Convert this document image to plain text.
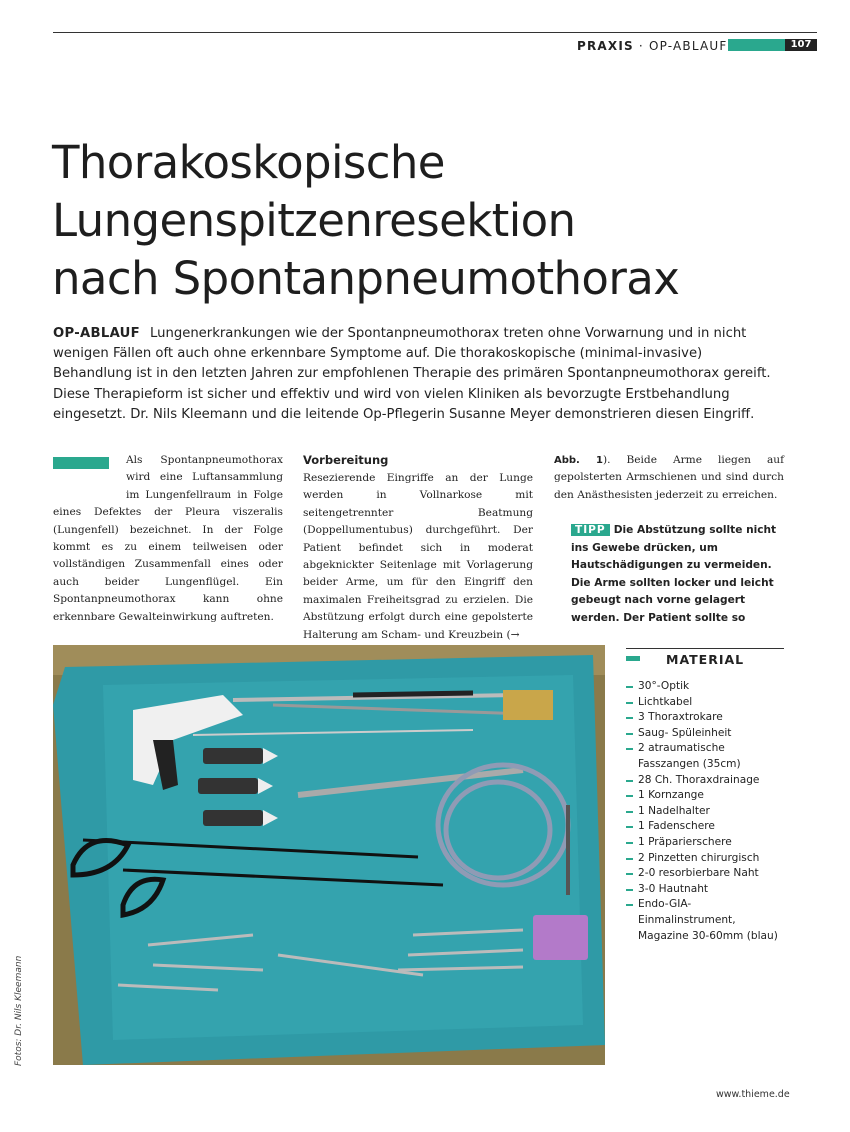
PRAXIS · OP-ABLAUF	107
Thorakoskopische
Lungenspitzenresektion
nach Spontanpneumothorax

OP-ABLAUF Lungenerkrankungen wie der Spontanpneumothorax treten ohne Vorwarnung und in nicht wenigen Fällen oft auch ohne erkennbare Symptome auf. Die thorakoskopische (minimal-invasive) Behandlung ist in den letzten Jahren zur empfohlenen Therapie des primären Spontanpneumothorax gereift. Diese Therapieform ist sicher und effektiv und wird von vielen Kliniken als bevorzugte Erstbehandlung eingesetzt. Dr. Nils Kleemann und die leitende Op-Pflegerin Susanne Meyer demonstrieren diesen Eingriff.

Als Spontanpneumothorax wird eine Luftansammlung im Lungenfellraum in Folge eines Defektes der Pleura viszeralis (Lungenfell) bezeichnet. In der Folge kommt es zu einem teilweisen oder vollständigen Zusammenfall eines oder auch beider Lungenflügel. Ein Spontanpneumothorax kann ohne erkennbare Gewalteinwirkung auftreten.

Vorbereitung

Resezierende Eingriffe an der Lunge werden in Vollnarkose mit seitengetrennter Beatmung (Doppellumentubus) durchgeführt. Der Patient befindet sich in moderat abgeknickter Seitenlage mit Vorlagerung beider Arme, um für den Eingriff den maximalen Freiheitsgrad zu erzielen. Die Abstützung erfolgt durch eine gepolsterte Halterung am Scham- und Kreuzbein (→

Abb. 1). Beide Arme liegen auf gepolsterten Armschienen und sind durch den Anästhesisten jederzeit zu erreichen.

TIPP Die Abstützung sollte nicht ins Gewebe drücken, um Hautschädigungen zu vermeiden. Die Arme sollten locker und leicht gebeugt nach vorne gelagert werden. Der Patient sollte so

Fotos: Dr. Nils Kleemann
MATERIAL
30°-Optik
Lichtkabel
3 Thoraxtrokare
Saug- Spüleinheit
2 atraumatische Fasszangen (35cm)
28 Ch. Thoraxdrainage
1 Kornzange
1 Nadelhalter
1 Fadenschere
1 Präparierschere
2 Pinzetten chirurgisch
2-0 resorbierbare Naht
3-0 Hautnaht
Endo-GIA-Einmalinstrument, Magazine 30-60mm (blau)
www.thieme.de
